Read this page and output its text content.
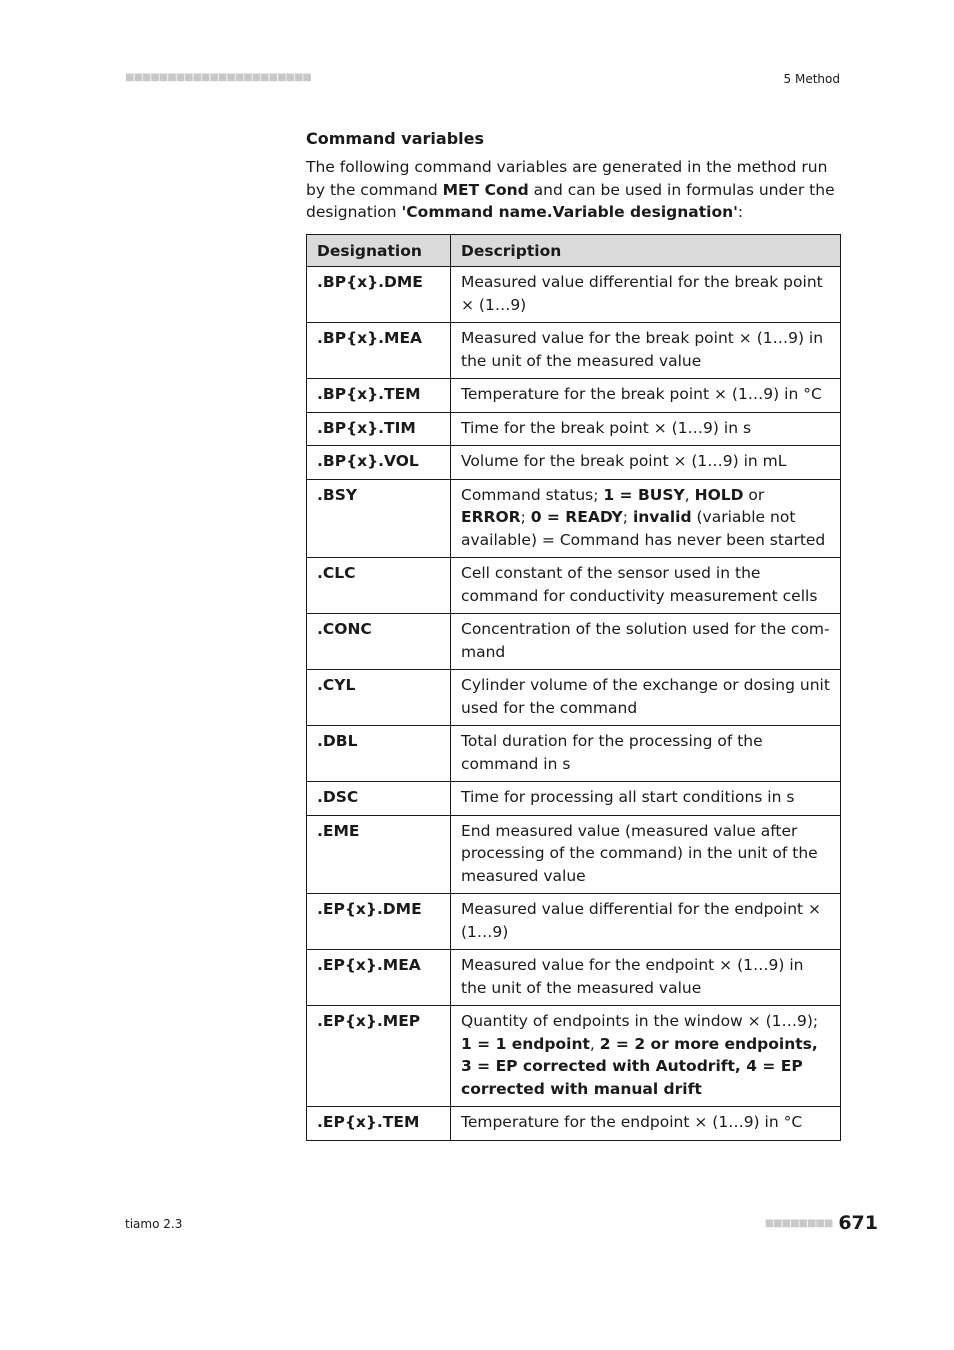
■■■■■■■■■■■■■■■■■■■■■■	5 Method
Command variables

The following command variables are generated in the method run by the command MET Cond and can be used in formulas under the designation 'Command name.Variable designation':

Designation	Description
.BP{x}.DME	Measured value differential for the break point × (1…9)
.BP{x}.MEA	Measured value for the break point × (1…9) in the unit of the measured value
.BP{x}.TEM	Temperature for the break point × (1…9) in °C
.BP{x}.TIM	Time for the break point × (1…9) in s
.BP{x}.VOL	Volume for the break point × (1…9) in mL
.BSY	Command status; 1 = BUSY, HOLD or ERROR; 0 = READY; invalid (variable not available) = Command has never been started
.CLC	Cell constant of the sensor used in the command for conductivity measurement cells
.CONC	Concentration of the solution used for the command
.CYL	Cylinder volume of the exchange or dosing unit used for the command
.DBL	Total duration for the processing of the command in s
.DSC	Time for processing all start conditions in s
.EME	End measured value (measured value after processing of the command) in the unit of the measured value
.EP{x}.DME	Measured value differential for the endpoint × (1…9)
.EP{x}.MEA	Measured value for the endpoint × (1…9) in the unit of the measured value
.EP{x}.MEP	Quantity of endpoints in the window × (1…9); 1 = 1 endpoint, 2 = 2 or more endpoints, 3 = EP corrected with Autodrift, 4 = EP corrected with manual drift
.EP{x}.TEM	Temperature for the endpoint × (1…9) in °C
tiamo 2.3	■■■■■■■■ 671
